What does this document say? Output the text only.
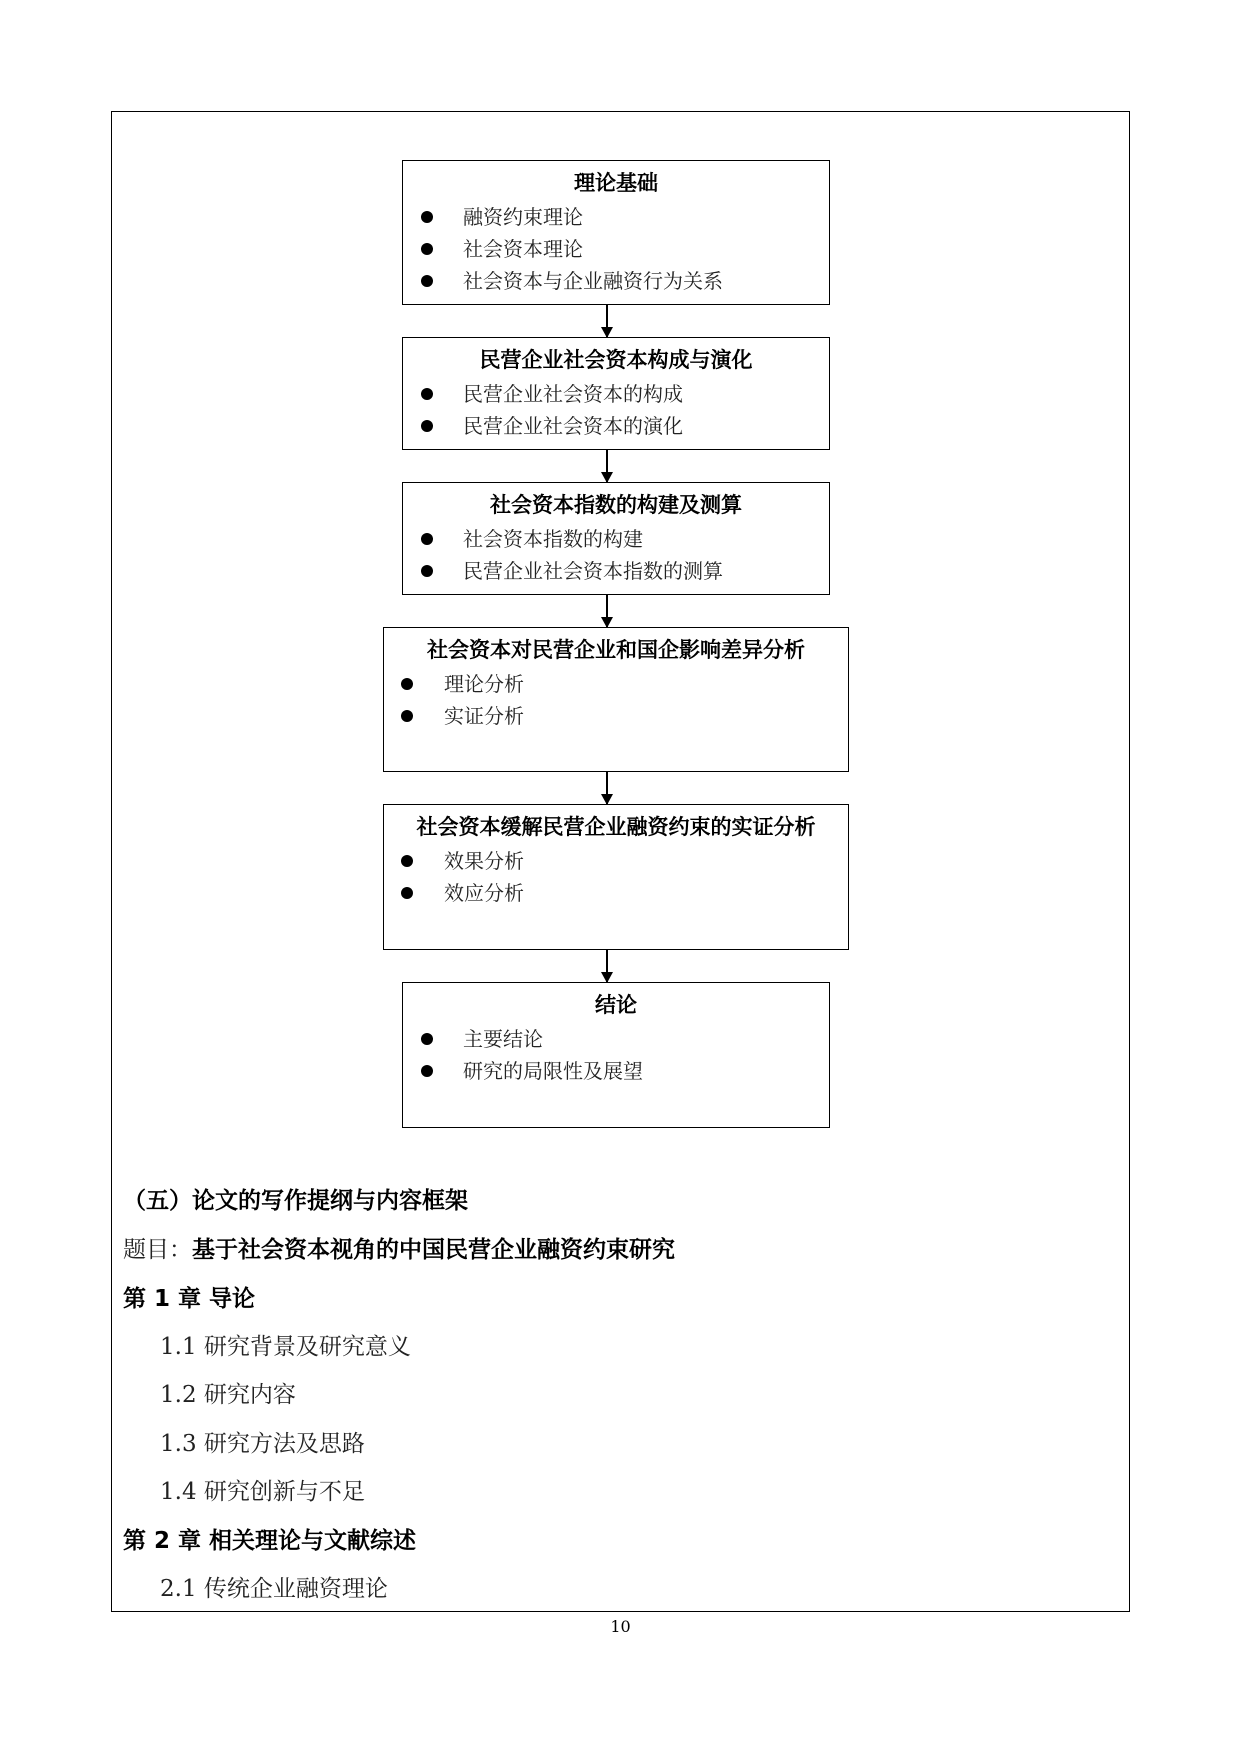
理论基础
融资约束理论
社会资本理论
社会资本与企业融资行为关系
民营企业社会资本构成与演化
民营企业社会资本的构成
民营企业社会资本的演化
社会资本指数的构建及测算
社会资本指数的构建
民营企业社会资本指数的测算
社会资本对民营企业和国企影响差异分析
理论分析
实证分析
社会资本缓解民营企业融资约束的实证分析
效果分析
效应分析
结论
主要结论
研究的局限性及展望
（五）论文的写作提纲与内容框架
题目：基于社会资本视角的中国民营企业融资约束研究
第 1 章 导论
1.1 研究背景及研究意义
1.2 研究内容
1.3 研究方法及思路
1.4 研究创新与不足
第 2 章 相关理论与文献综述
2.1 传统企业融资理论
10
